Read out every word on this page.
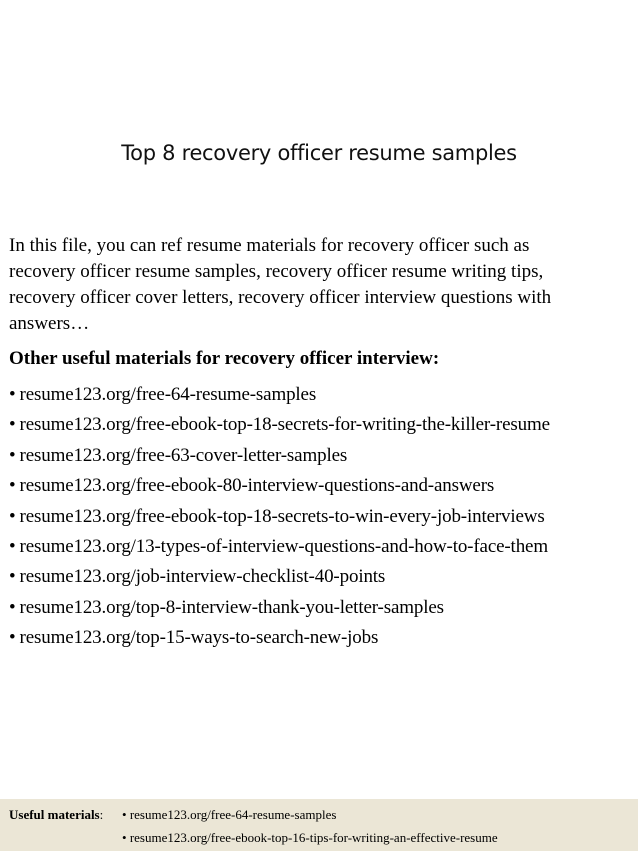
Top 8 recovery officer resume samples
In this file, you can ref resume materials for recovery officer such as
recovery officer resume samples, recovery officer resume writing tips,
recovery officer cover letters, recovery officer interview questions with
answers…
Other useful materials for recovery officer interview:
• resume123.org/free-64-resume-samples
• resume123.org/free-ebook-top-18-secrets-for-writing-the-killer-resume
• resume123.org/free-63-cover-letter-samples
• resume123.org/free-ebook-80-interview-questions-and-answers
• resume123.org/free-ebook-top-18-secrets-to-win-every-job-interviews
• resume123.org/13-types-of-interview-questions-and-how-to-face-them
• resume123.org/job-interview-checklist-40-points
• resume123.org/top-8-interview-thank-you-letter-samples
• resume123.org/top-15-ways-to-search-new-jobs
Useful materials: • resume123.org/free-64-resume-samples
• resume123.org/free-ebook-top-16-tips-for-writing-an-effective-resume
